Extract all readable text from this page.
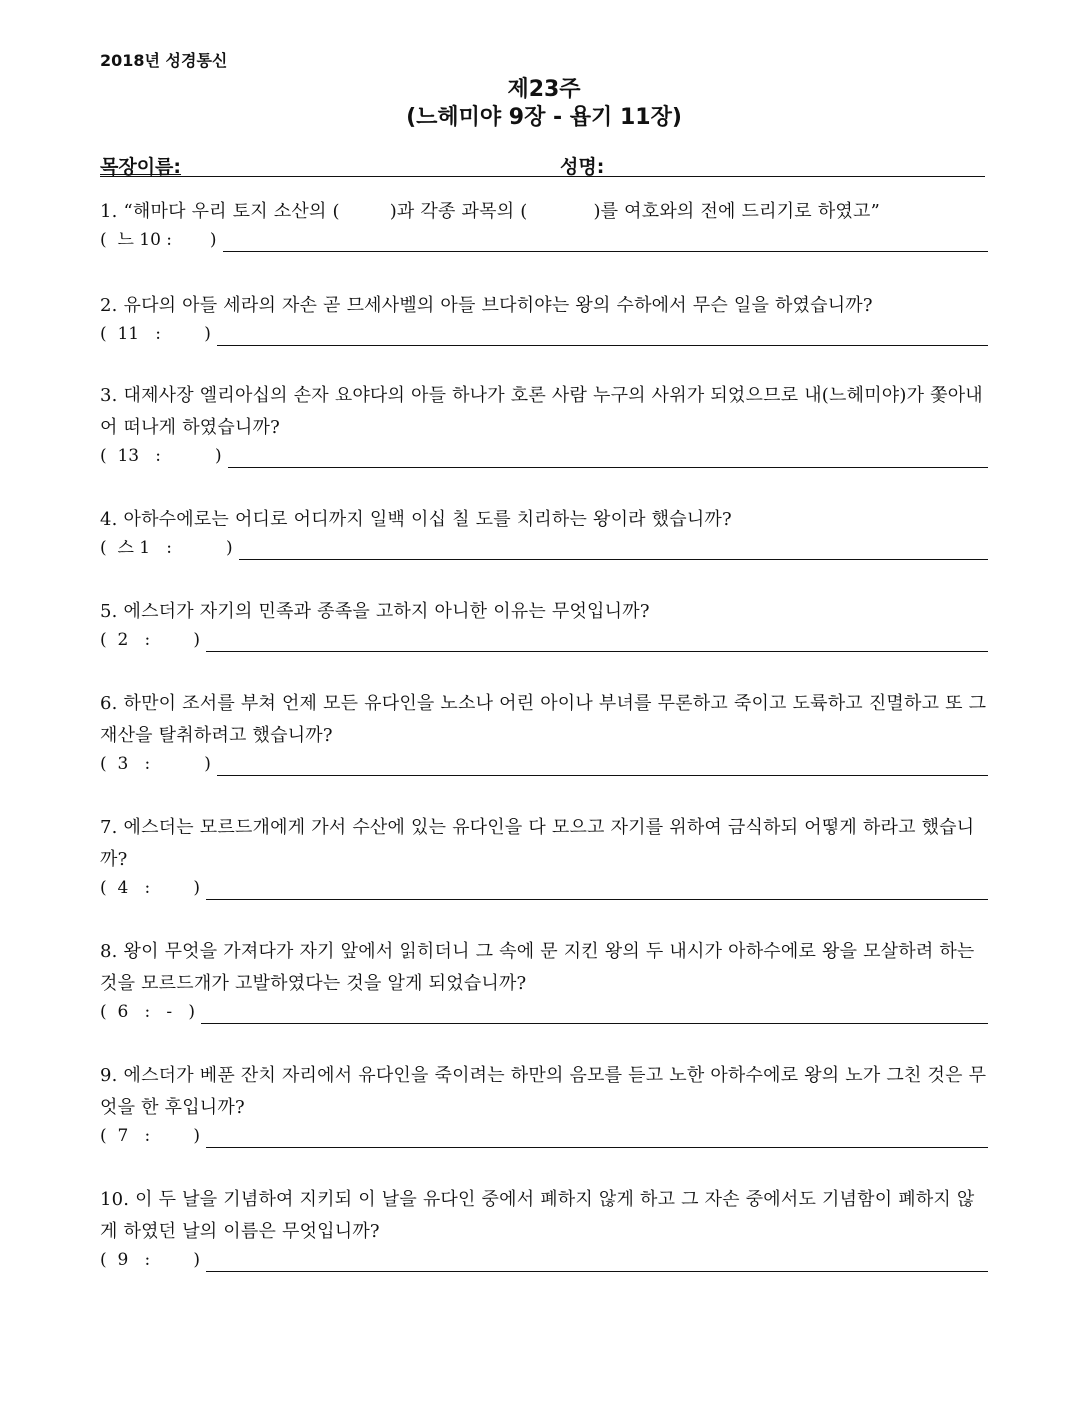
2018년 성경통신
제23주
(느헤미야 9장 - 욥기 11장)
목장이름:	성명:
1. “해마다 우리 토지 소산의 (	)과 각종 과목의 (	)를 여호와의 전에 드리기로 하였고”
(  느 10 :       )
2. 유다의 아들 세라의 자손 곧 므세사벨의 아들 브다히야는 왕의 수하에서 무슨 일을 하였습니까?
(  11   :        )
3. 대제사장 엘리아십의 손자 요야다의 아들 하나가 호론 사람 누구의 사위가 되었으므로 내(느헤미야)가 쫓아내어 떠나게 하였습니까?
(  13   :          )
4. 아하수에로는 어디로 어디까지 일백 이십 칠 도를 치리하는 왕이라 했습니까?
(  스 1   :          )
5. 에스더가 자기의 민족과 종족을 고하지 아니한 이유는 무엇입니까?
(  2   :        )
6. 하만이 조서를 부쳐 언제 모든 유다인을 노소나 어린 아이나 부녀를 무론하고 죽이고 도륙하고 진멸하고 또 그 재산을 탈취하려고 했습니까?
(  3   :          )
7. 에스더는 모르드개에게 가서 수산에 있는 유다인을 다 모으고 자기를 위하여 금식하되 어떻게 하라고 했습니까?
(  4   :        )
8. 왕이 무엇을 가져다가 자기 앞에서 읽히더니 그 속에 문 지킨 왕의 두 내시가 아하수에로 왕을 모살하려 하는 것을 모르드개가 고발하였다는 것을 알게 되었습니까?
(  6   :   -   )
9. 에스더가 베푼 잔치 자리에서 유다인을 죽이려는 하만의 음모를 듣고 노한 아하수에로 왕의 노가 그친 것은 무엇을 한 후입니까?
(  7   :        )
10. 이 두 날을 기념하여 지키되 이 날을 유다인 중에서 폐하지 않게 하고 그 자손 중에서도 기념함이 폐하지 않게 하였던 날의 이름은 무엇입니까?
(  9   :        )
